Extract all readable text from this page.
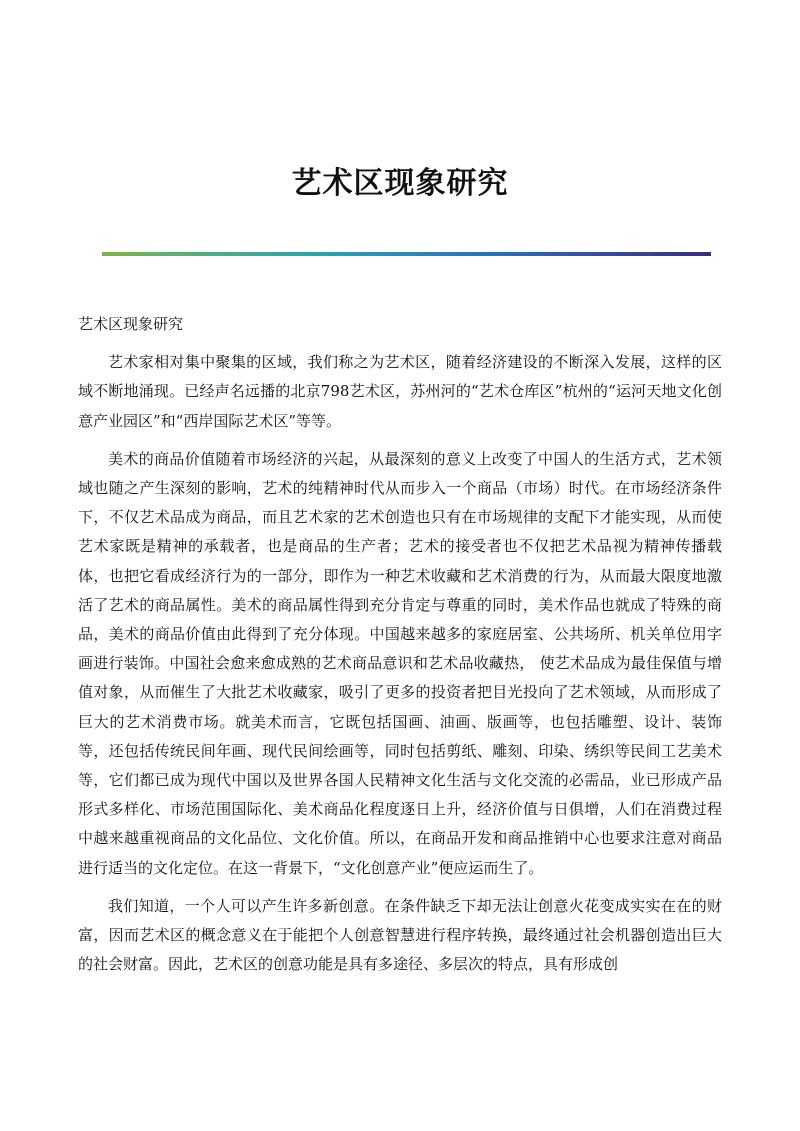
艺术区现象研究

艺术区现象研究

艺术家相对集中聚集的区域，我们称之为艺术区，随着经济建设的不断深入发展，这样的区域不断地涌现。已经声名远播的北京798艺术区，苏州河的“艺术仓库区”杭州的“运河天地文化创意产业园区”和“西岸国际艺术区”等等。

美术的商品价值随着市场经济的兴起，从最深刻的意义上改变了中国人的生活方式，艺术领域也随之产生深刻的影响，艺术的纯精神时代从而步入一个商品（市场）时代。在市场经济条件下，不仅艺术品成为商品，而且艺术家的艺术创造也只有在市场规律的支配下才能实现，从而使艺术家既是精神的承载者，也是商品的生产者；艺术的接受者也不仅把艺术品视为精神传播载体，也把它看成经济行为的一部分，即作为一种艺术收藏和艺术消费的行为，从而最大限度地激活了艺术的商品属性。美术的商品属性得到充分肯定与尊重的同时，美术作品也就成了特殊的商品，美术的商品价值由此得到了充分体现。中国越来越多的家庭居室、公共场所、机关单位用字画进行装饰。中国社会愈来愈成熟的艺术商品意识和艺术品收藏热， 使艺术品成为最佳保值与增值对象，从而催生了大批艺术收藏家，吸引了更多的投资者把目光投向了艺术领域，从而形成了巨大的艺术消费市场。就美术而言，它既包括国画、油画、版画等，也包括雕塑、设计、装饰等，还包括传统民间年画、现代民间绘画等，同时包括剪纸、雕刻、印染、绣织等民间工艺美术等，它们都已成为现代中国以及世界各国人民精神文化生活与文化交流的必需品，业已形成产品形式多样化、市场范围国际化、美术商品化程度逐日上升，经济价值与日俱增，人们在消费过程中越来越重视商品的文化品位、文化价值。所以，在商品开发和商品推销中心也要求注意对商品进行适当的文化定位。在这一背景下，“文化创意产业”便应运而生了。

我们知道，一个人可以产生许多新创意。在条件缺乏下却无法让创意火花变成实实在在的财富，因而艺术区的概念意义在于能把个人创意智慧进行程序转换，最终通过社会机器创造出巨大的社会财富。因此，艺术区的创意功能是具有多途径、多层次的特点，具有形成创
